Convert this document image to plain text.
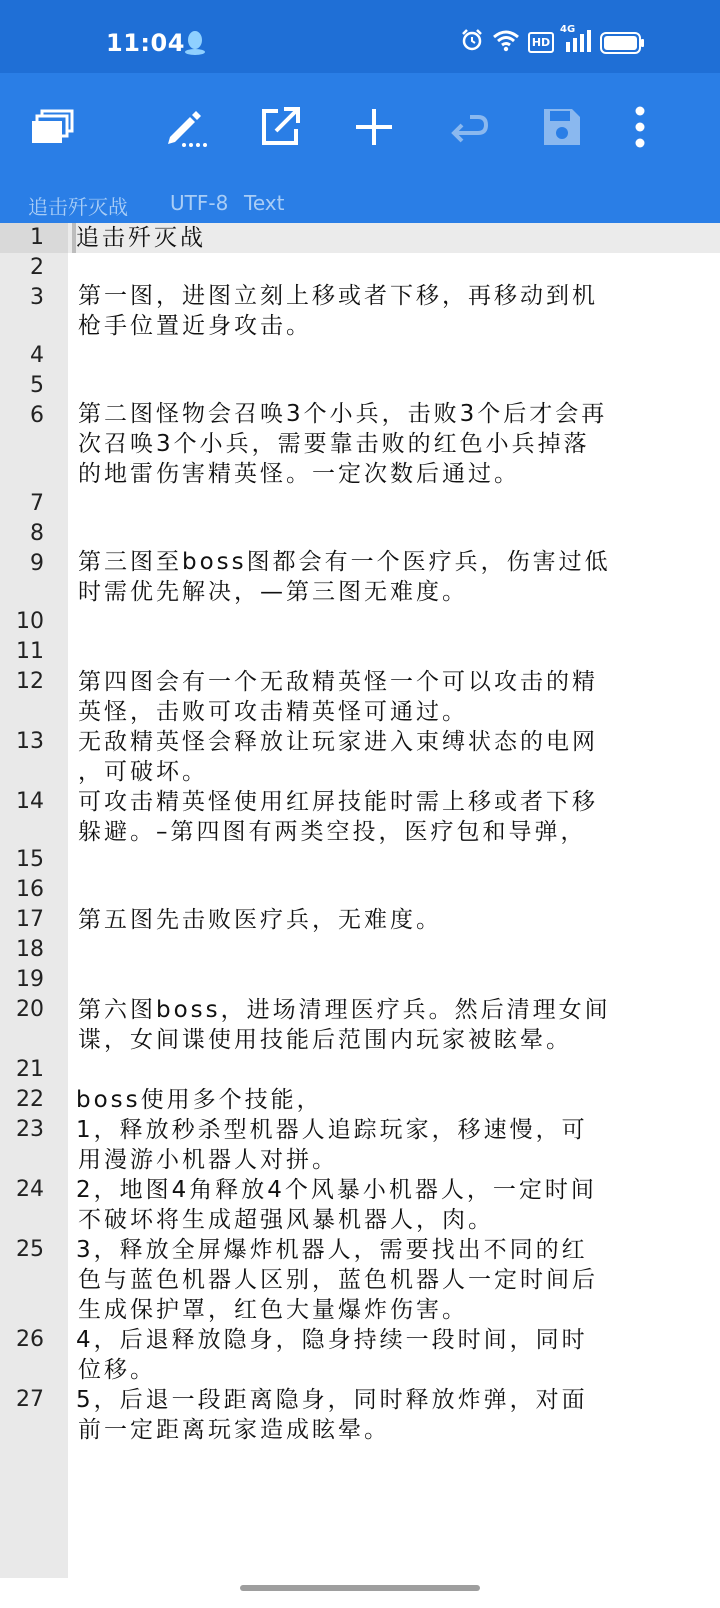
11:04	HD
4G
追击歼灭战 UTF-8 Text
1
2
3
4
5
6
7
8
9
10
11
12
13
14
15
16
17
18
19
20
21
22
23
24
25
26
27
追击歼灭战
第一图，进图立刻上移或者下移，再移动到机
枪手位置近身攻击。
第二图怪物会召唤3个小兵，击败3个后才会再
次召唤3个小兵，需要靠击败的红色小兵掉落
的地雷伤害精英怪。一定次数后通过。
第三图至boss图都会有一个医疗兵，伤害过低
时需优先解决，—第三图无难度。
第四图会有一个无敌精英怪一个可以攻击的精
英怪，击败可攻击精英怪可通过。
无敌精英怪会释放让玩家进入束缚状态的电网
，可破坏。
可攻击精英怪使用红屏技能时需上移或者下移
躲避。–第四图有两类空投，医疗包和导弹，
第五图先击败医疗兵，无难度。
第六图boss，进场清理医疗兵。然后清理女间
谍，女间谍使用技能后范围内玩家被眩晕。
boss使用多个技能，
1，释放秒杀型机器人追踪玩家，移速慢，可
用漫游小机器人对拼。
2，地图4角释放4个风暴小机器人，一定时间
不破坏将生成超强风暴机器人，肉。
3，释放全屏爆炸机器人，需要找出不同的红
色与蓝色机器人区别，蓝色机器人一定时间后
生成保护罩，红色大量爆炸伤害。
4，后退释放隐身，隐身持续一段时间，同时
位移。
5，后退一段距离隐身，同时释放炸弹，对面
前一定距离玩家造成眩晕。
